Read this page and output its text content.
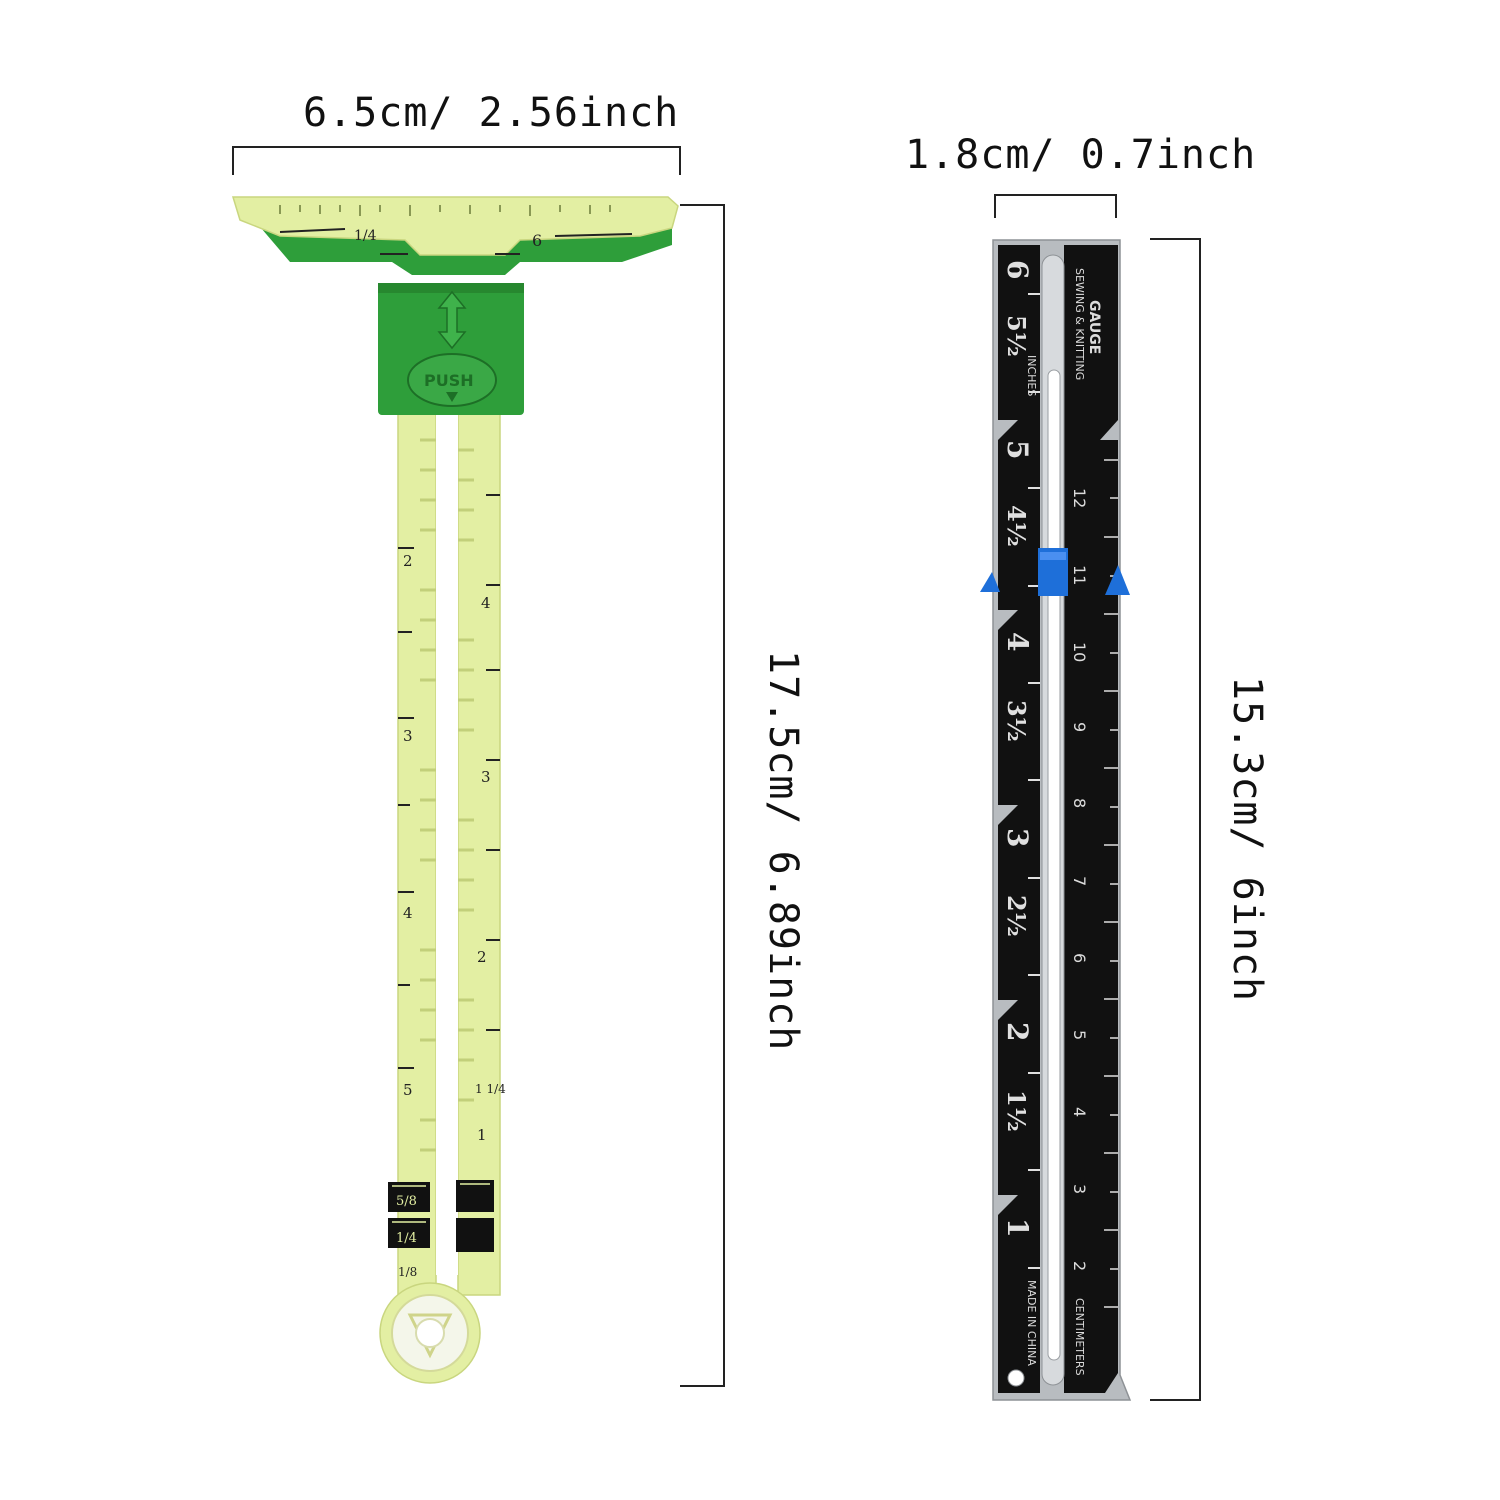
6.5cm/ 2.56inch
1.8cm/ 0.7inch
17.5cm/ 6.89inch	15.3cm/ 6inch
1/4	6
2
3
4
5
4
3
2
1 1/4
1
5/8
1/4
1/8
PUSH
6
5½
5
4½
4
3½
3
2½
2
1½
1
12
11
10
9
8
7
6
5
4
3
2
SEWING & KNITTING GAUGE
INCHES
CENTIMETERS
MADE IN CHINA
